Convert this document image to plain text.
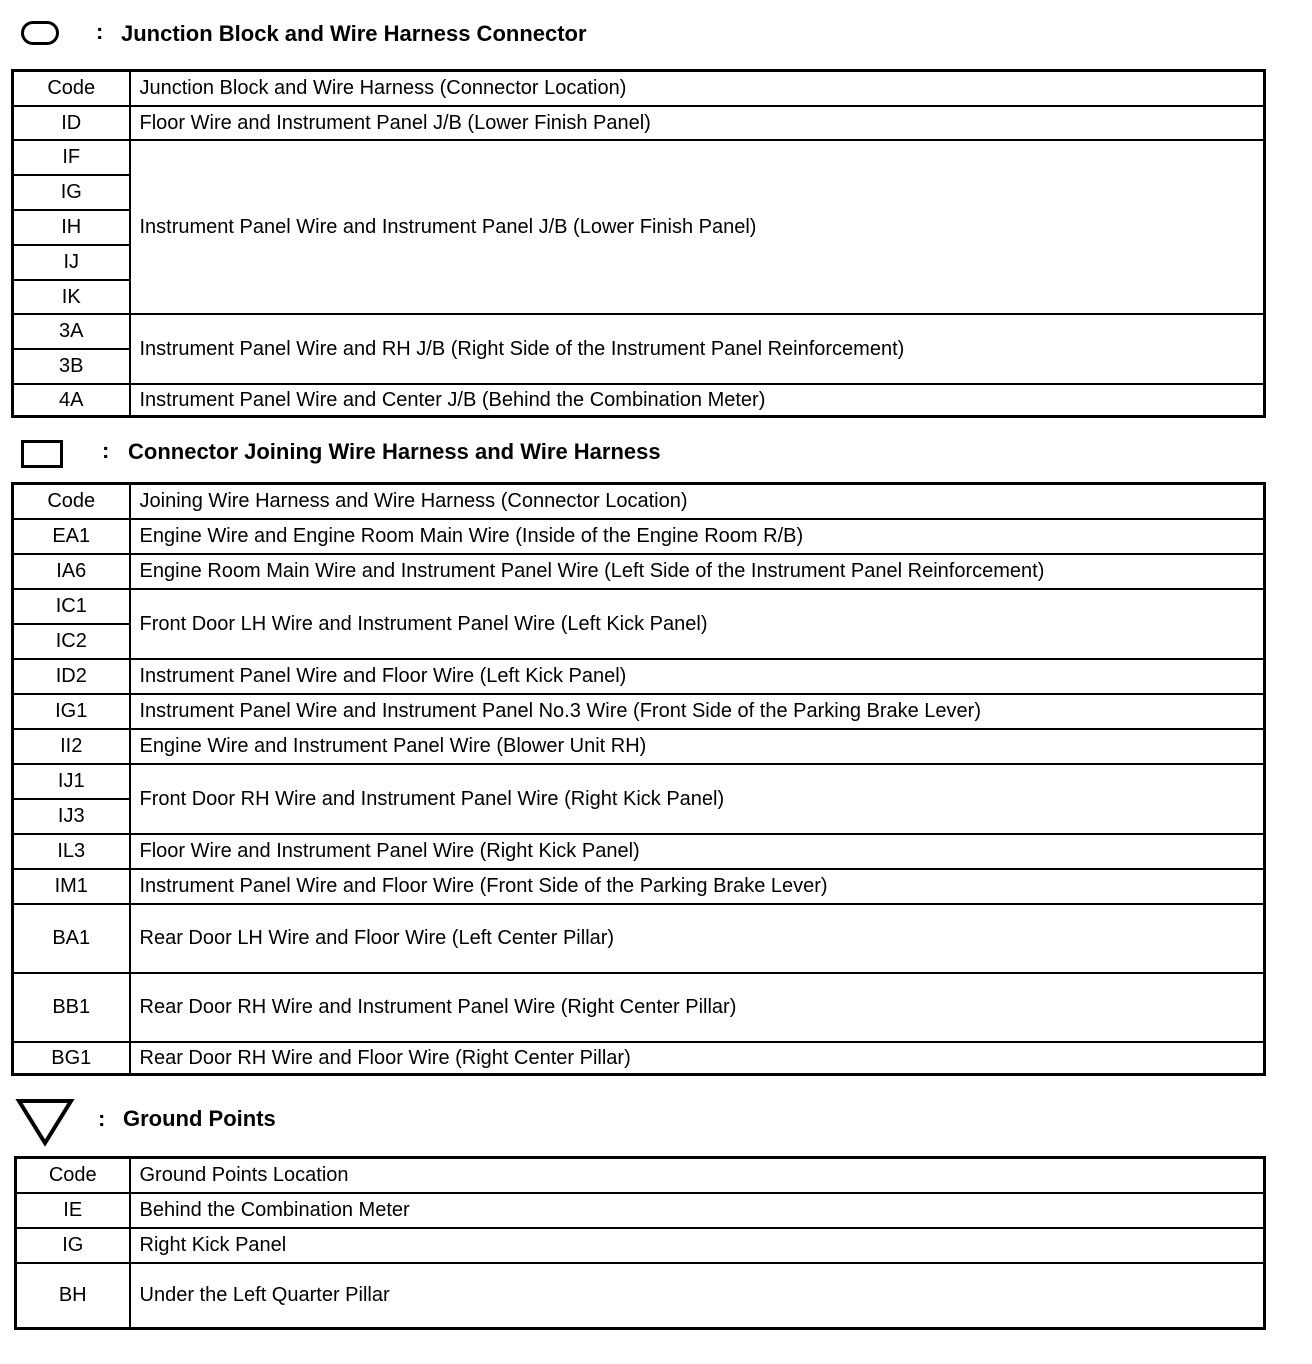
: Junction Block and Wire Harness Connector
Code	Junction Block and Wire Harness (Connector Location)
ID	Floor Wire and Instrument Panel J/B (Lower Finish Panel)
IF	Instrument Panel Wire and Instrument Panel J/B (Lower Finish Panel)
IG	
IH	
IJ	
IK	
3A	Instrument Panel Wire and RH J/B (Right Side of the Instrument Panel Reinforcement)
3B	
4A	Instrument Panel Wire and Center J/B (Behind the Combination Meter)
: Connector Joining Wire Harness and Wire Harness
Code	Joining Wire Harness and Wire Harness (Connector Location)
EA1	Engine Wire and Engine Room Main Wire (Inside of the Engine Room R/B)
IA6	Engine Room Main Wire and Instrument Panel Wire (Left Side of the Instrument Panel Reinforcement)
IC1	Front Door LH Wire and Instrument Panel Wire (Left Kick Panel)
IC2	
ID2	Instrument Panel Wire and Floor Wire (Left Kick Panel)
IG1	Instrument Panel Wire and Instrument Panel No.3 Wire (Front Side of the Parking Brake Lever)
II2	Engine Wire and Instrument Panel Wire (Blower Unit RH)
IJ1	Front Door RH Wire and Instrument Panel Wire (Right Kick Panel)
IJ3	
IL3	Floor Wire and Instrument Panel Wire (Right Kick Panel)
IM1	Instrument Panel Wire and Floor Wire (Front Side of the Parking Brake Lever)
BA1	Rear Door LH Wire and Floor Wire (Left Center Pillar)
BB1	Rear Door RH Wire and Instrument Panel Wire (Right Center Pillar)
BG1	Rear Door RH Wire and Floor Wire (Right Center Pillar)
: Ground Points
Code	Ground Points Location
IE	Behind the Combination Meter
IG	Right Kick Panel
BH	Under the Left Quarter Pillar
